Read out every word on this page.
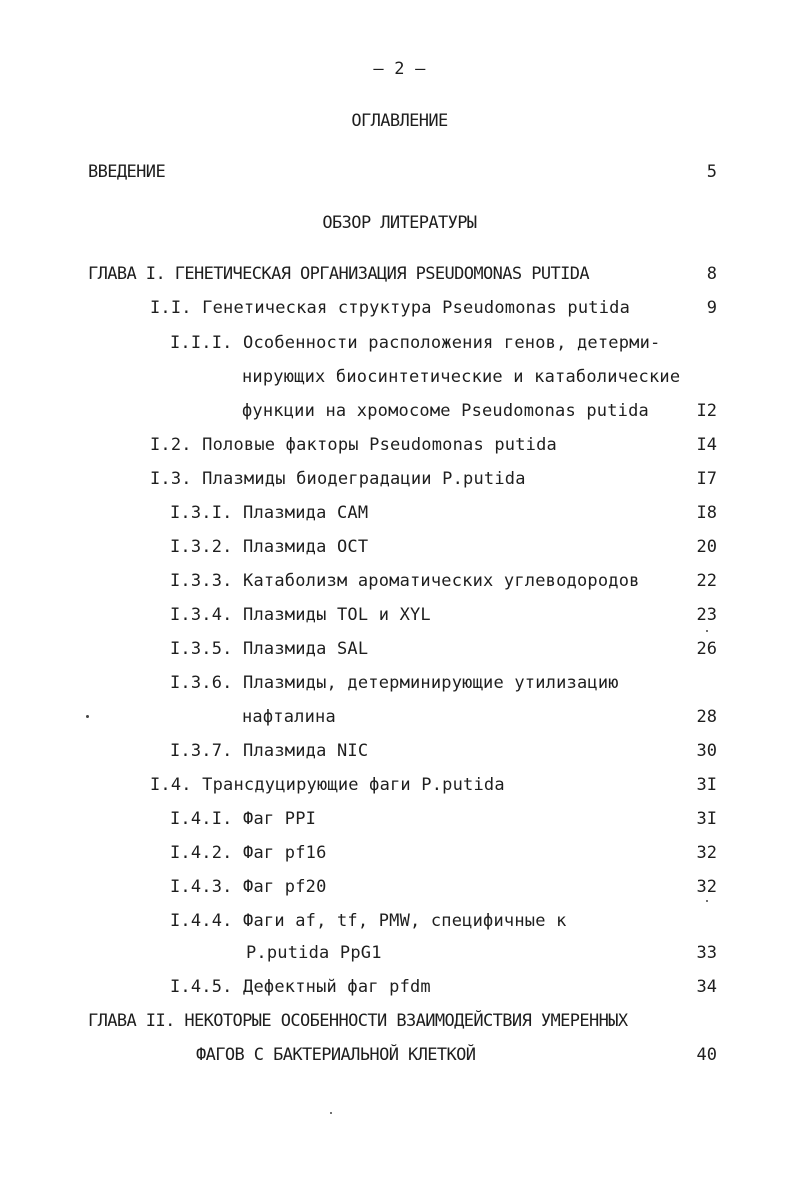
– 2 –
ОГЛАВЛЕНИЕ
ВВЕДЕНИЕ	5
ОБЗОР ЛИТЕРАТУРЫ
ГЛАВА I. ГЕНЕТИЧЕСКАЯ ОРГАНИЗАЦИЯ PSEUDOMONAS PUTIDA	8
I.I. Генетическая структура Pseudomonas putida	9
I.I.I. Особенности расположения генов, детерми-
нирующих биосинтетические и катаболические
функции на хромосоме Pseudomonas putida	I2
I.2. Половые факторы Pseudomonas putida	I4
I.3. Плазмиды биодеградации P.putida	I7
I.3.I. Плазмида CAM	I8
I.3.2. Плазмида OCT	20
I.3.3. Катаболизм ароматических углеводородов	22
I.3.4. Плазмиды TOL и XYL	23
I.3.5. Плазмида SAL	26
I.3.6. Плазмиды, детерминирующие утилизацию
нафталина	28
I.3.7. Плазмида NIC	30
I.4. Трансдуцирующие фаги P.putida	3I
I.4.I. Фаг PPI	3I
I.4.2. Фаг pf16	32
I.4.3. Фаг pf20	32
I.4.4. Фаги af, tf, PMW, специфичные к
P.putida PpG1	33
I.4.5. Дефектный фаг pfdm	34
ГЛАВА II. НЕКОТОРЫЕ ОСОБЕННОСТИ ВЗАИМОДЕЙСТВИЯ УМЕРЕННЫХ
ФАГОВ С БАКТЕРИАЛЬНОЙ КЛЕТКОЙ	40
